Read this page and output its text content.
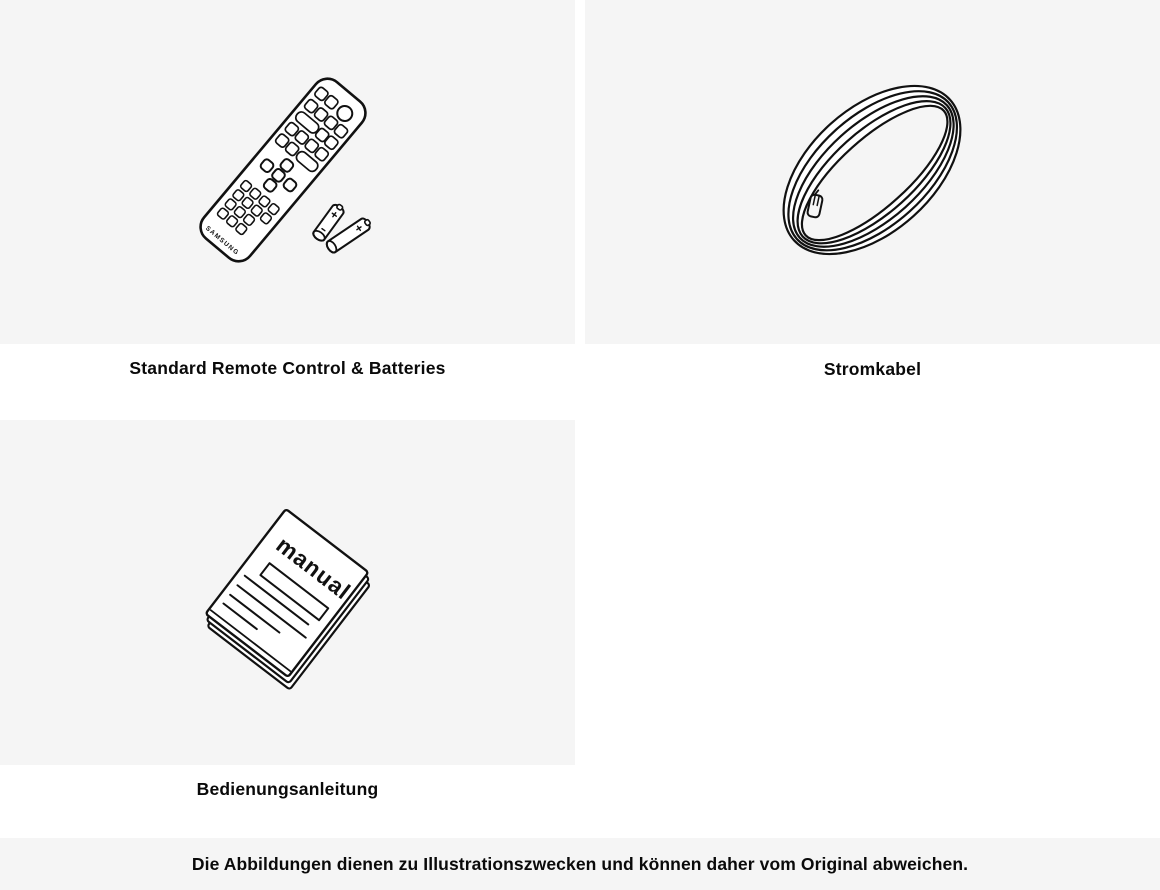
SAMSUNG
manual
Standard Remote Control & Batteries	Stromkabel
Bedienungsanleitung
Die Abbildungen dienen zu Illustrationszwecken und können daher vom Original abweichen.
